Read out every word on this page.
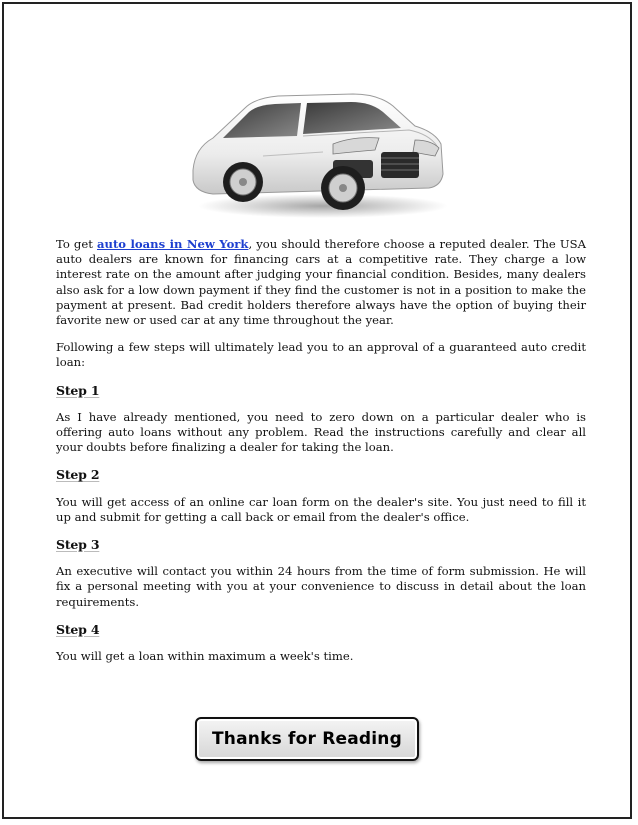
To get auto loans in New York, you should therefore choose a reputed dealer. The USA auto dealers are known for financing cars at a competitive rate. They charge a low interest rate on the amount after judging your financial condition. Besides, many dealers also ask for a low down payment if they find the customer is not in a position to make the payment at present. Bad credit holders therefore always have the option of buying their favorite new or used car at any time throughout the year.

Following a few steps will ultimately lead you to an approval of a guaranteed auto credit loan:

Step 1

As I have already mentioned, you need to zero down on a particular dealer who is offering auto loans without any problem. Read the instructions carefully and clear all your doubts before finalizing a dealer for taking the loan.

Step 2

You will get access of an online car loan form on the dealer's site. You just need to fill it up and submit for getting a call back or email from the dealer's office.

Step 3

An executive will contact you within 24 hours from the time of form submission. He will fix a personal meeting with you at your convenience to discuss in detail about the loan requirements.

Step 4

You will get a loan within maximum a week's time.

Thanks for Reading
